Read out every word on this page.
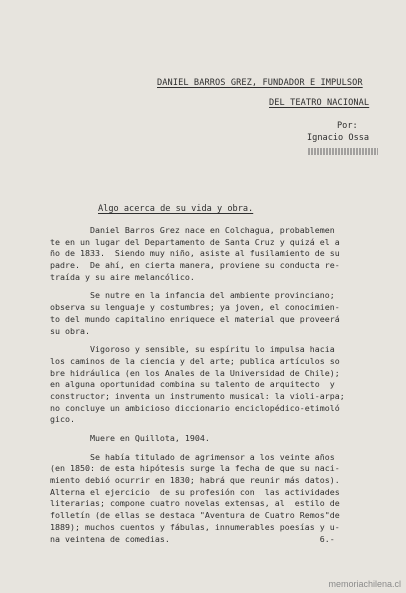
DANIEL BARROS GREZ, FUNDADOR E IMPULSOR
DEL TEATRO NACIONAL
Por:
Ignacio Ossa
Algo acerca de su vida y obra.
Daniel Barros Grez nace en Colchagua, probablemen
te en un lugar del Departamento de Santa Cruz y quizá el a
ño de 1833.  Siendo muy niño, asiste al fusilamiento de su
padre.  De ahí, en cierta manera, proviene su conducta re-
traída y su aire melancólico.
Se nutre en la infancia del ambiente provinciano;
observa su lenguaje y costumbres; ya joven, el conocimien-
to del mundo capitalino enriquece el material que proveerá
su obra.
Vigoroso y sensible, su espíritu lo impulsa hacia
los caminos de la ciencia y del arte; publica artículos so
bre hidráulica (en los Anales de la Universidad de Chile);
en alguna oportunidad combina su talento de arquitecto  y
constructor; inventa un instrumento musical: la violi-arpa;
no concluye un ambicioso diccionario enciclopédico-etimoló
gico.
Muere en Quillota, 1904.
Se había titulado de agrimensor a los veinte años
(en 1850: de esta hipótesis surge la fecha de que su naci-
miento debió ocurrir en 1830; habrá que reunir más datos).
Alterna el ejercicio  de su profesión con  las actividades
literarias; compone cuatro novelas extensas, al  estilo de
folletín (de ellas se destaca "Aventura de Cuatro Remos"de
1889); muchos cuentos y fábulas, innumerables poesías y u-
na veintena de comedias.                              6.-
memoriachilena.cl
